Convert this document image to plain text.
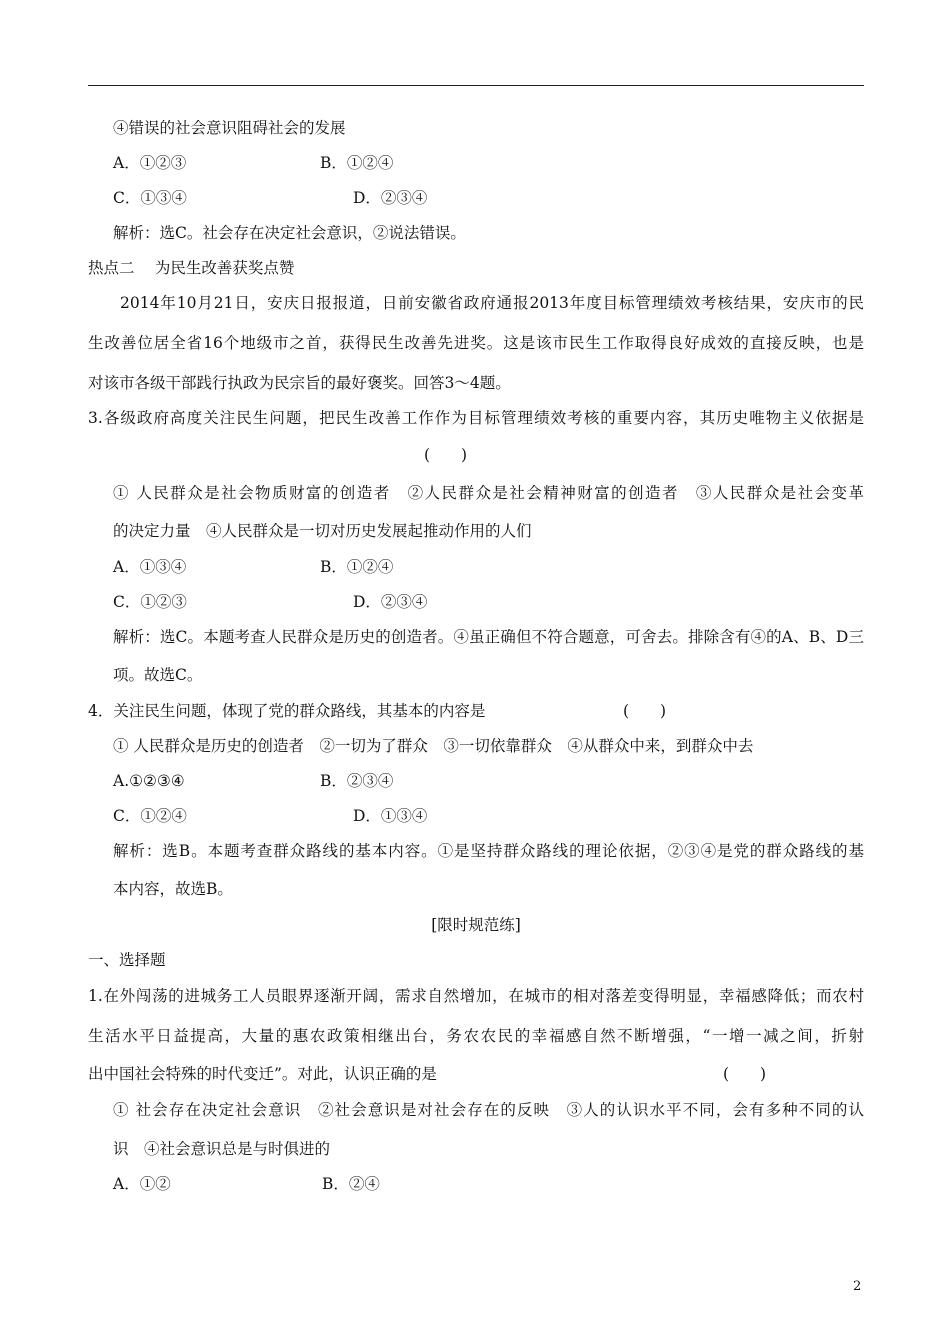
④错误的社会意识阻碍社会的发展
A．①②③	B．①②④
C．①③④	D．②③④
解析：选C。社会存在决定社会意识，②说法错误。
热点二　 为民生改善获奖点赞
2014年10月21日，安庆日报报道，日前安徽省政府通报2013年度目标管理绩效考核结果，安庆市的民
生改善位居全省16个地级市之首，获得民生改善先进奖。这是该市民生工作取得良好成效的直接反映，也是
对该市各级干部践行执政为民宗旨的最好褒奖。回答3～4题。
3.各级政府高度关注民生问题，把民生改善工作作为目标管理绩效考核的重要内容，其历史唯物主义依据是
(　　)
① 人民群众是社会物质财富的创造者　②人民群众是社会精神财富的创造者　③人民群众是社会变革
的决定力量　④人民群众是一切对历史发展起推动作用的人们
A．①③④	B．①②④
C．①②③	D．②③④
解析：选C。本题考查人民群众是历史的创造者。④虽正确但不符合题意，可舍去。排除含有④的A、B、D三
项。故选C。
4．关注民生问题，体现了党的群众路线，其基本的内容是	(　　)
① 人民群众是历史的创造者　②一切为了群众　③一切依靠群众　④从群众中来，到群众中去
A.①②③④	B．②③④
C．①②④	D．①③④
解析：选B。本题考查群众路线的基本内容。①是坚持群众路线的理论依据，②③④是党的群众路线的基
本内容，故选B。
[限时规范练]
一、选择题
1.在外闯荡的进城务工人员眼界逐渐开阔，需求自然增加，在城市的相对落差变得明显，幸福感降低；而农村
生活水平日益提高，大量的惠农政策相继出台，务农农民的幸福感自然不断增强，“一增一减之间，折射
出中国社会特殊的时代变迁”。对此，认识正确的是	(　　)
① 社会存在决定社会意识　②社会意识是对社会存在的反映　③人的认识水平不同，会有多种不同的认
识　④社会意识总是与时俱进的
A．①②	B．②④
2
